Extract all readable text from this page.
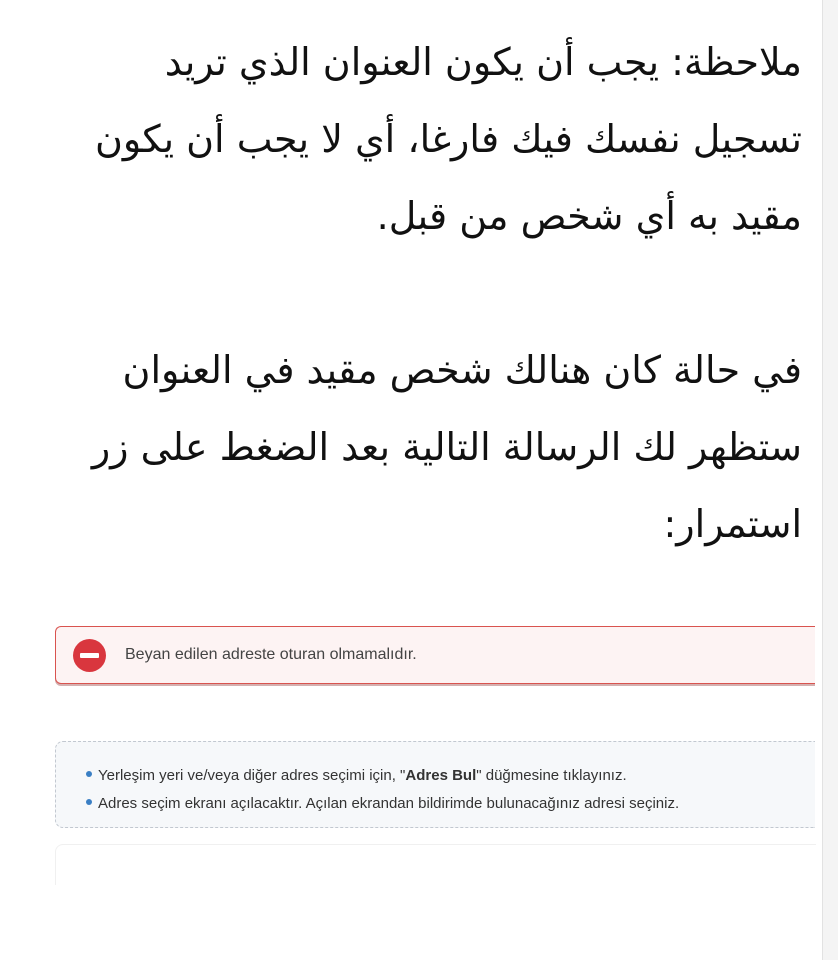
ملاحظة: يجب أن يكون العنوان الذي تريد تسجيل نفسك فيك فارغا، أي لا يجب أن يكون مقيد به أي شخص من قبل.

في حالة كان هنالك شخص مقيد في العنوان ستظهر لك الرسالة التالية بعد الضغط على زر استمرار:

Beyan edilen adreste oturan olmamalıdır.
Yerleşim yeri ve/veya diğer adres seçimi için, "Adres Bul" düğmesine tıklayınız.
Adres seçim ekranı açılacaktır. Açılan ekrandan bildirimde bulunacağınız adresi seçiniz.
